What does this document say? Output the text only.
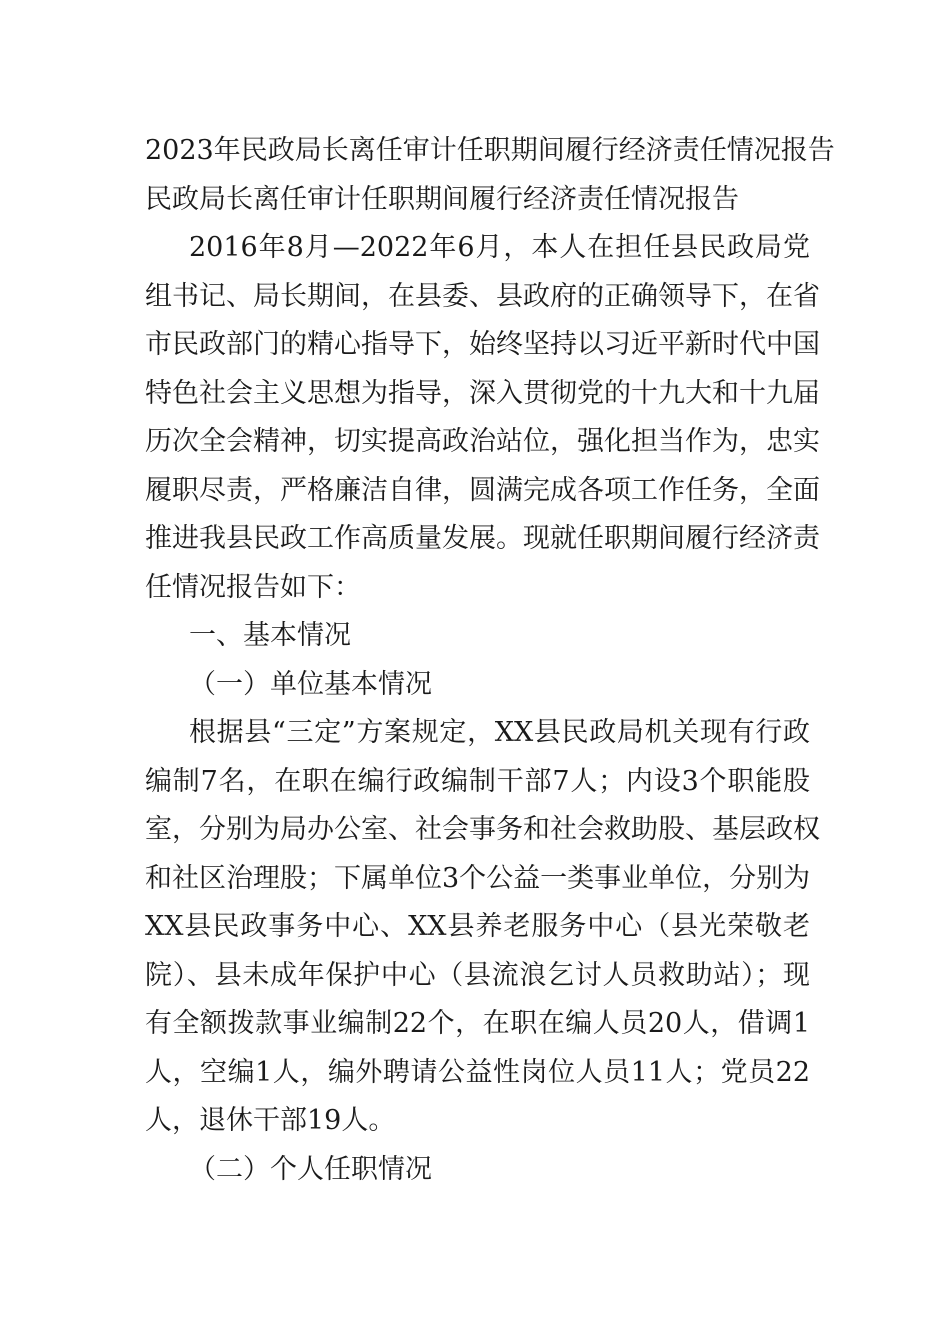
2023年民政局长离任审计任职期间履行经济责任情况报告
民政局长离任审计任职期间履行经济责任情况报告
2016年8月—2022年6月，本人在担任县民政局党
组书记、局长期间，在县委、县政府的正确领导下，在省
市民政部门的精心指导下，始终坚持以习近平新时代中国
特色社会主义思想为指导，深入贯彻党的十九大和十九届
历次全会精神，切实提高政治站位，强化担当作为，忠实
履职尽责，严格廉洁自律，圆满完成各项工作任务，全面
推进我县民政工作高质量发展。现就任职期间履行经济责
任情况报告如下：
一、基本情况
（一）单位基本情况
根据县“三定”方案规定，XX县民政局机关现有行政
编制7名，在职在编行政编制干部7人；内设3个职能股
室，分别为局办公室、社会事务和社会救助股、基层政权
和社区治理股；下属单位3个公益一类事业单位，分别为
XX县民政事务中心、XX县养老服务中心（县光荣敬老
院）、县未成年保护中心（县流浪乞讨人员救助站）；现
有全额拨款事业编制22个，在职在编人员20人，借调1
人，空编1人，编外聘请公益性岗位人员11人；党员22
人，退休干部19人。
（二）个人任职情况
